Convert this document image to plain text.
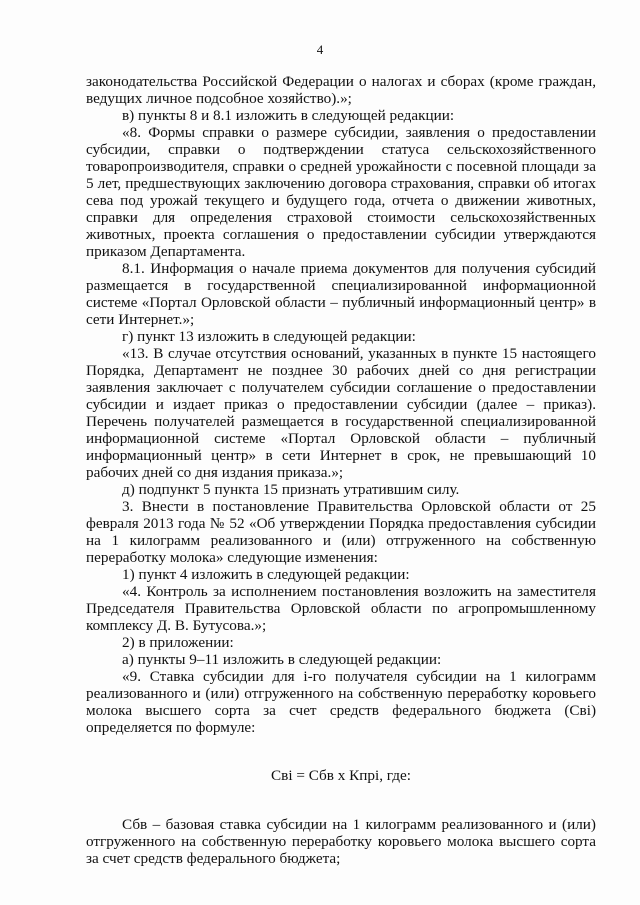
4
законодательства Российской Федерации о налогах и сборах (кроме граждан, ведущих личное подсобное хозяйство).»;
в) пункты 8 и 8.1 изложить в следующей редакции:
«8. Формы справки о размере субсидии, заявления о предоставлении субсидии, справки о подтверждении статуса сельскохозяйственного товаропроизводителя, справки о средней урожайности с посевной площади за 5 лет, предшествующих заключению договора страхования, справки об итогах сева под урожай текущего и будущего года, отчета о движении животных, справки для определения страховой стоимости сельскохозяйственных животных, проекта соглашения о предоставлении субсидии утверждаются приказом Департамента.
8.1. Информация о начале приема документов для получения субсидий размещается в государственной специализированной информационной системе «Портал Орловской области – публичный информационный центр» в сети Интернет.»;
г) пункт 13 изложить в следующей редакции:
«13. В случае отсутствия оснований, указанных в пункте 15 настоящего Порядка, Департамент не позднее 30 рабочих дней со дня регистрации заявления заключает с получателем субсидии соглашение о предоставлении субсидии и издает приказ о предоставлении субсидии (далее – приказ). Перечень получателей размещается в государственной специализированной информационной системе «Портал Орловской области – публичный информационный центр» в сети Интернет в срок, не превышающий 10 рабочих дней со дня издания приказа.»;
д) подпункт 5 пункта 15 признать утратившим силу.
3. Внести в постановление Правительства Орловской области от 25 февраля 2013 года № 52 «Об утверждении Порядка предоставления субсидии на 1 килограмм реализованного и (или) отгруженного на собственную переработку молока» следующие изменения:
1) пункт 4 изложить в следующей редакции:
«4. Контроль за исполнением постановления возложить на заместителя Председателя Правительства Орловской области по агропромышленному комплексу Д. В. Бутусова.»;
2) в приложении:
а) пункты 9–11 изложить в следующей редакции:
«9. Ставка субсидии для i-го получателя субсидии на 1 килограмм реализованного и (или) отгруженного на собственную переработку коровьего молока высшего сорта за счет средств федерального бюджета (Сві) определяется по формуле:
Сві = Сбв х Кпрі, где:
Сбв – базовая ставка субсидии на 1 килограмм реализованного и (или) отгруженного на собственную переработку коровьего молока высшего сорта за счет средств федерального бюджета;
